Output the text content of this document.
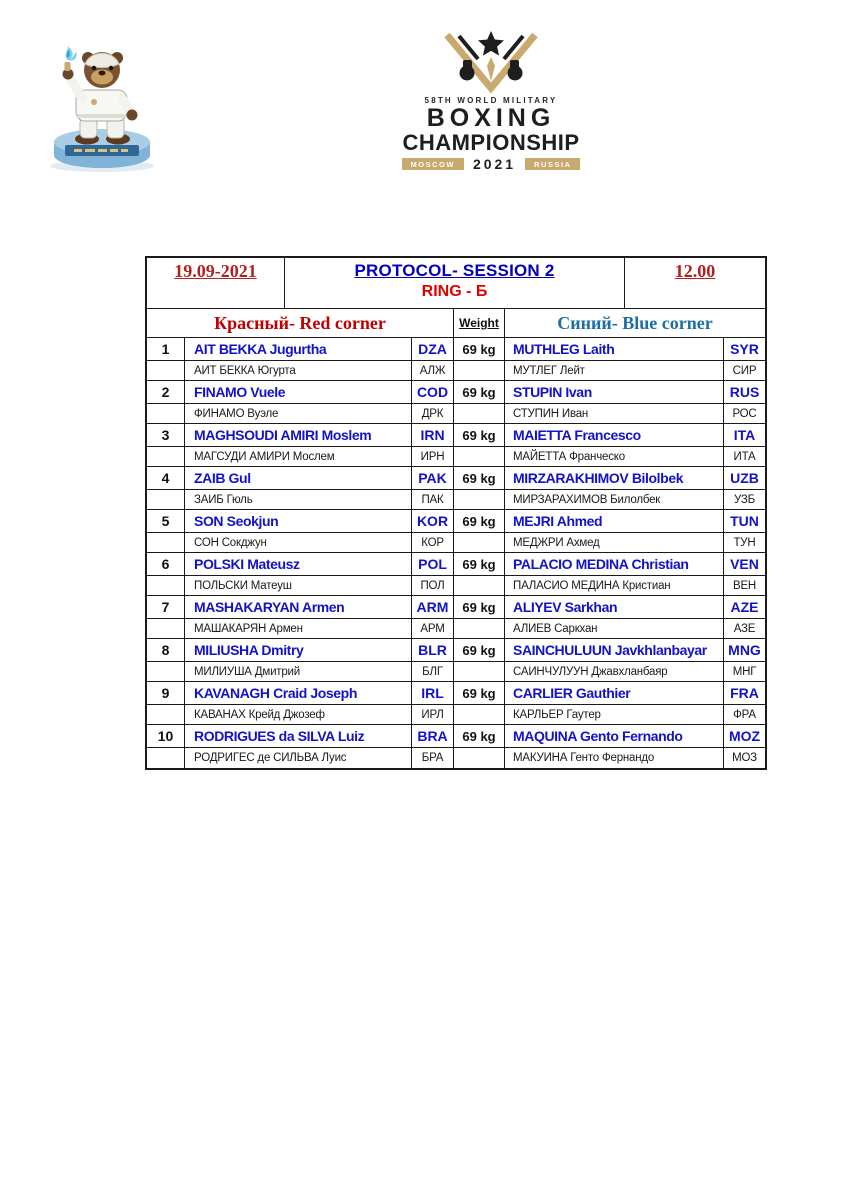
58TH WORLD MILITARY
BOXING
CHAMPIONSHIP
MOSCOW	2021	RUSSIA
19.09-2021	PROTOCOL- SESSION 2
RING - Б
12.00
Красный- Red corner	Weight	Синий- Blue corner
1	AIT BEKKA Jugurtha	DZA	69 kg	MUTHLEG Laith	SYR
АИТ БЕККА Югурта	АЛЖ	МУТЛЕГ Лейт	СИР
2	FINAMO Vuele	COD	69 kg	STUPIN Ivan	RUS
ФИНАМО Вуэле	ДРК	СТУПИН Иван	РОС
3	MAGHSOUDI AMIRI Moslem	IRN	69 kg	MAIETTA Francesco	ITA
МАГСУДИ АМИРИ Мослем	ИРН	МАЙЕТТА Франческо	ИТА
4	ZAIB Gul	PAK	69 kg	MIRZARAKHIMOV Bilolbek	UZB
ЗАИБ Гюль	ПАК	МИРЗАРАХИМОВ Билолбек	УЗБ
5	SON Seokjun	KOR	69 kg	MEJRI Ahmed	TUN
СОН Сокджун	КОР	МЕДЖРИ Ахмед	ТУН
6	POLSKI Mateusz	POL	69 kg	PALACIO MEDINA Christian	VEN
ПОЛЬСКИ Матеуш	ПОЛ	ПАЛАСИО МЕДИНА Кристиан	ВЕН
7	MASHAKARYAN Armen	ARM	69 kg	ALIYEV Sarkhan	AZE
МАШАКАРЯН Армен	АРМ	АЛИЕВ Саркхан	АЗЕ
8	MILIUSHA Dmitry	BLR	69 kg	SAINCHULUUN Javkhlanbayar	MNG
МИЛИУША Дмитрий	БЛГ	САИНЧУЛУУН Джавхланбаяр	МНГ
9	KAVANAGH Craid Joseph	IRL	69 kg	CARLIER Gauthier	FRA
КАВАНАХ Крейд Джозеф	ИРЛ	КАРЛЬЕР Гаутер	ФРА
10	RODRIGUES da SILVA Luiz	BRA	69 kg	MAQUINA Gento Fernando	MOZ
РОДРИГЕС де СИЛЬВА Луис	БРА	МАКУИНА Генто Фернандо	МОЗ
